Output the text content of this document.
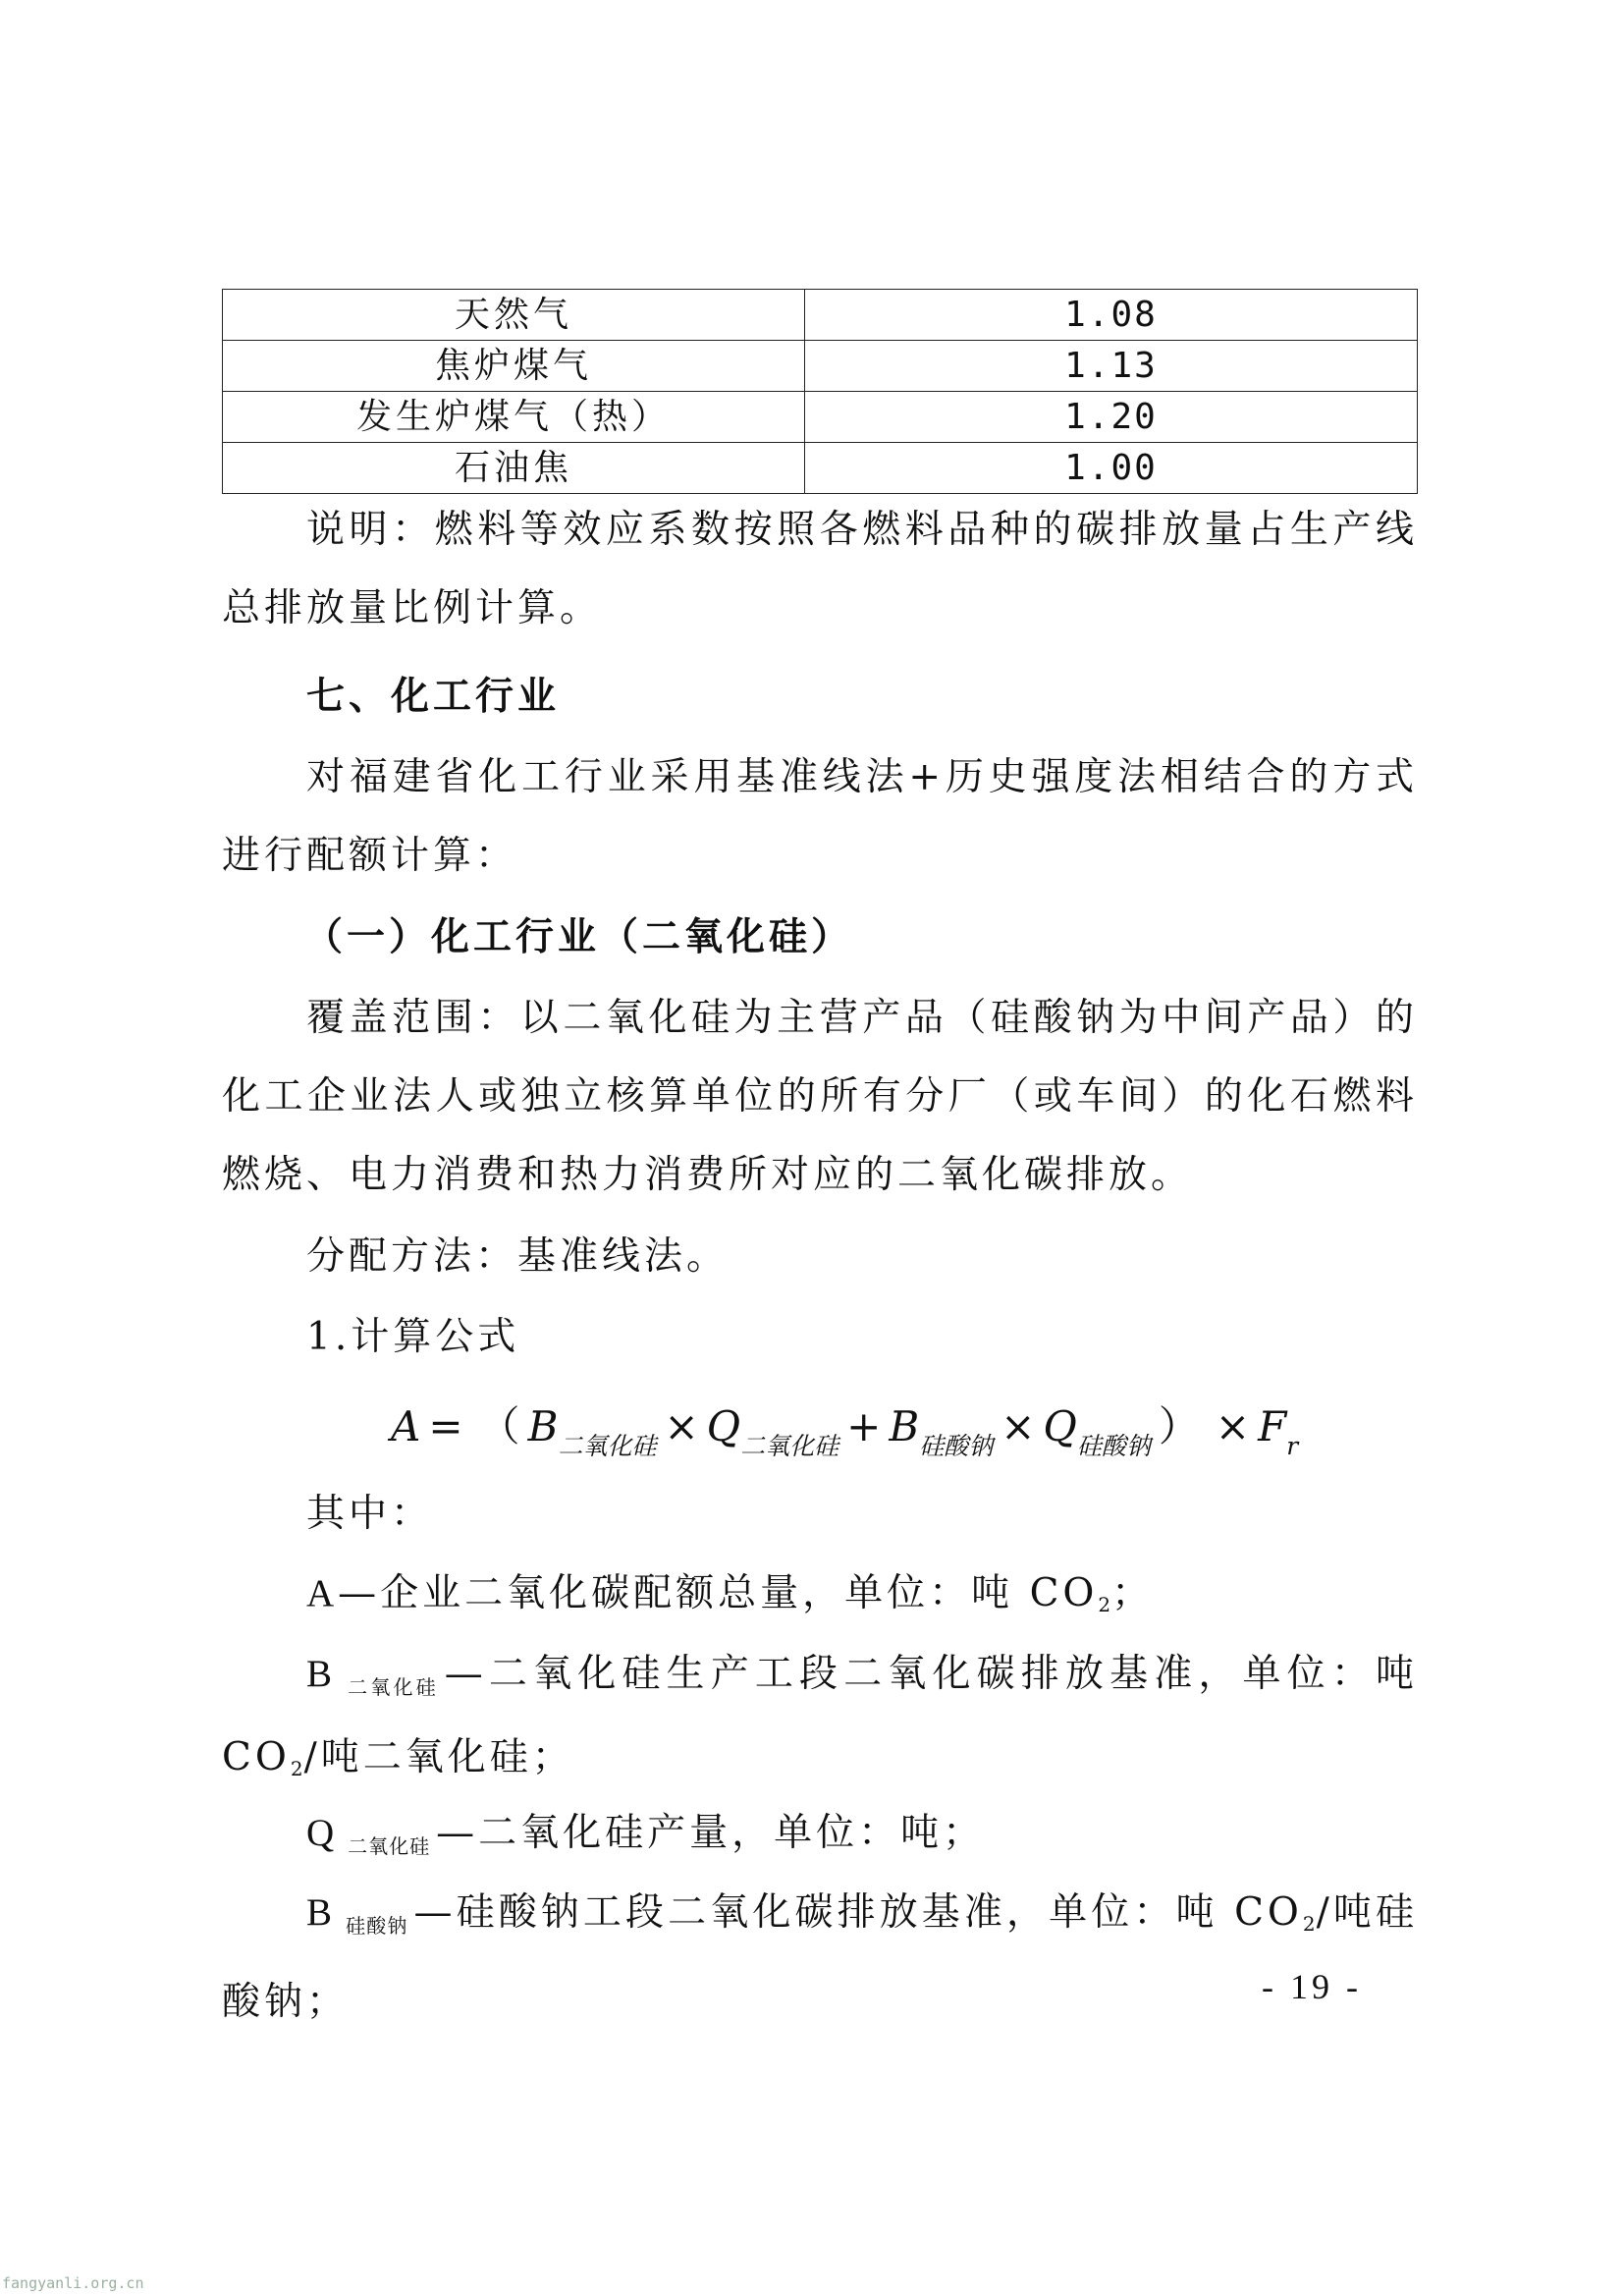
天然气	1.08
焦炉煤气	1.13
发生炉煤气（热）	1.20
石油焦	1.00

说明：燃料等效应系数按照各燃料品种的碳排放量占生产线总排放量比例计算。

七、化工行业

对福建省化工行业采用基准线法+历史强度法相结合的方式进行配额计算：

（一）化工行业（二氧化硅）

覆盖范围：以二氧化硅为主营产品（硅酸钠为中间产品）的化工企业法人或独立核算单位的所有分厂（或车间）的化石燃料燃烧、电力消费和热力消费所对应的二氧化碳排放。

分配方法：基准线法。

1.计算公式

A = （ $B_{二氧化硅} \times Q_{二氧化硅} + B_{硅酸钠} \times Q_{硅酸钠}$ ） × $F_r$

其中：

A—企业二氧化碳配额总量，单位：吨 $CO_2$；

B $_{二氧化硅}$ —二氧化硅生产工段二氧化碳排放基准，单位：吨 $CO_2/$吨二氧化硅；

Q $_{二氧化硅}$ —二氧化硅产量，单位：吨；

B $_{硅酸钠}$ —硅酸钠工段二氧化碳排放基准，单位：吨 $CO_2/$吨硅酸钠；	- 19 -
fangyanli.org.cn
